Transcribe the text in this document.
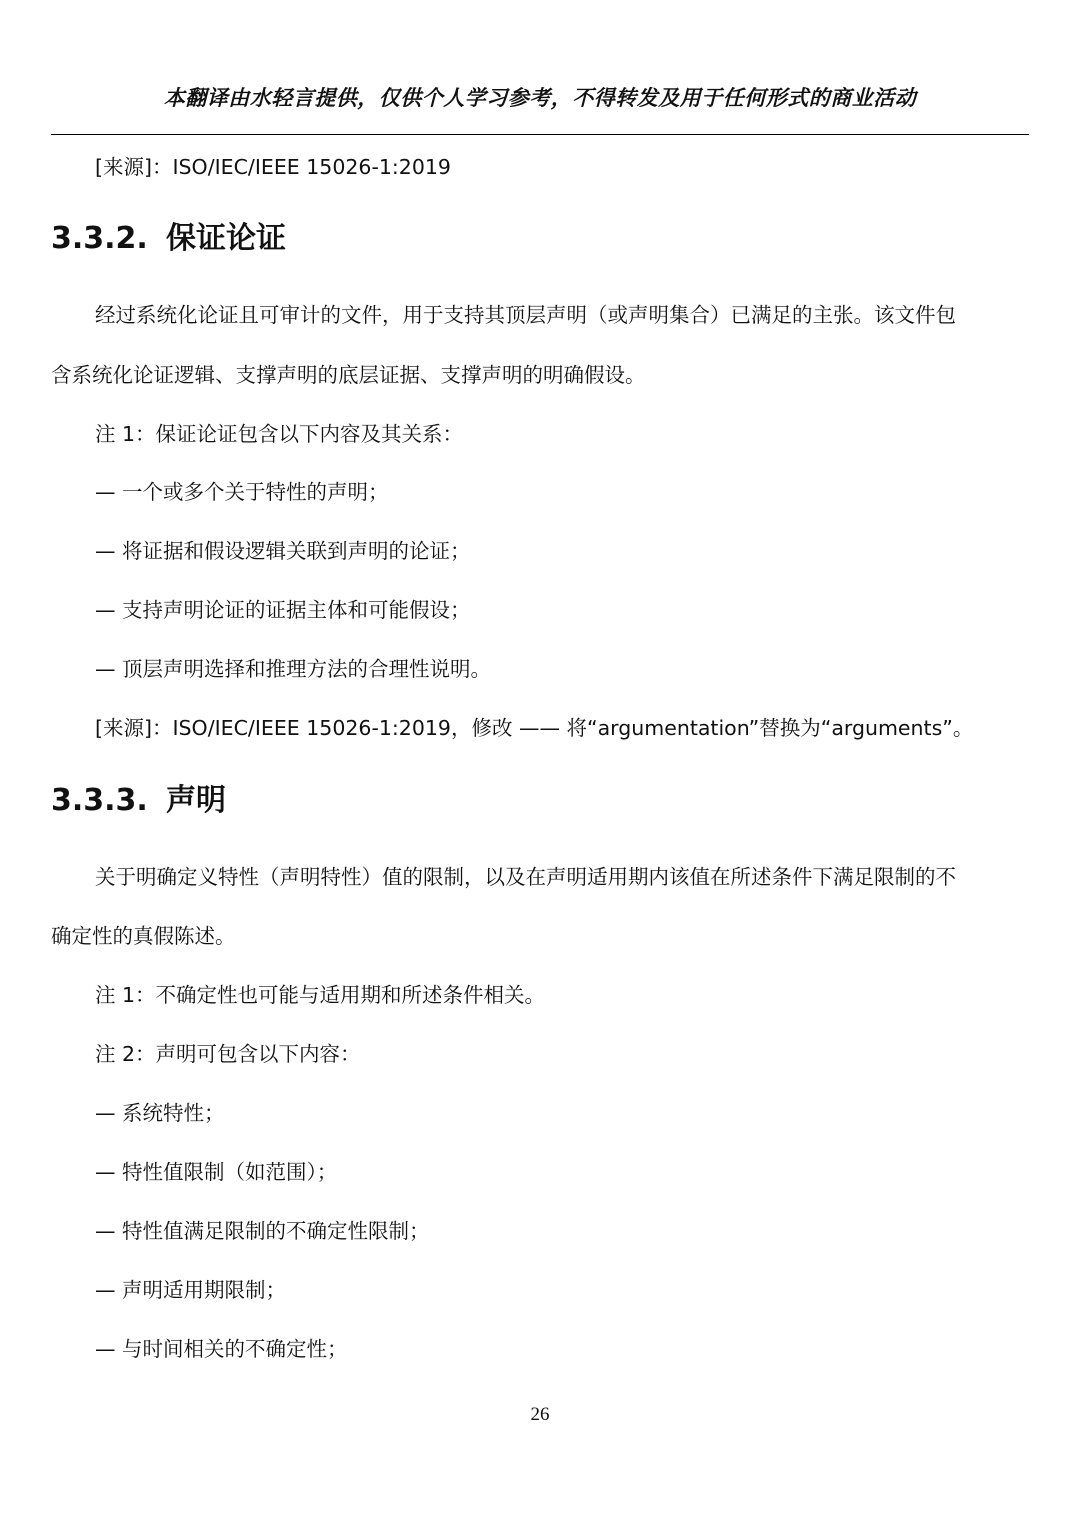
本翻译由水轻言提供，仅供个人学习参考，不得转发及用于任何形式的商业活动
[来源]：ISO/IEC/IEEE 15026-1:2019
3.3.2. 保证论证
经过系统化论证且可审计的文件，用于支持其顶层声明（或声明集合）已满足的主张。该文件包
含系统化论证逻辑、支撑声明的底层证据、支撑声明的明确假设。
注 1：保证论证包含以下内容及其关系：
— 一个或多个关于特性的声明；
— 将证据和假设逻辑关联到声明的论证；
— 支持声明论证的证据主体和可能假设；
— 顶层声明选择和推理方法的合理性说明。
[来源]：ISO/IEC/IEEE 15026-1:2019，修改 —— 将“argumentation”替换为“arguments”。
3.3.3. 声明
关于明确定义特性（声明特性）值的限制，以及在声明适用期内该值在所述条件下满足限制的不
确定性的真假陈述。
注 1：不确定性也可能与适用期和所述条件相关。
注 2：声明可包含以下内容：
— 系统特性；
— 特性值限制（如范围）；
— 特性值满足限制的不确定性限制；
— 声明适用期限制；
— 与时间相关的不确定性；
26
